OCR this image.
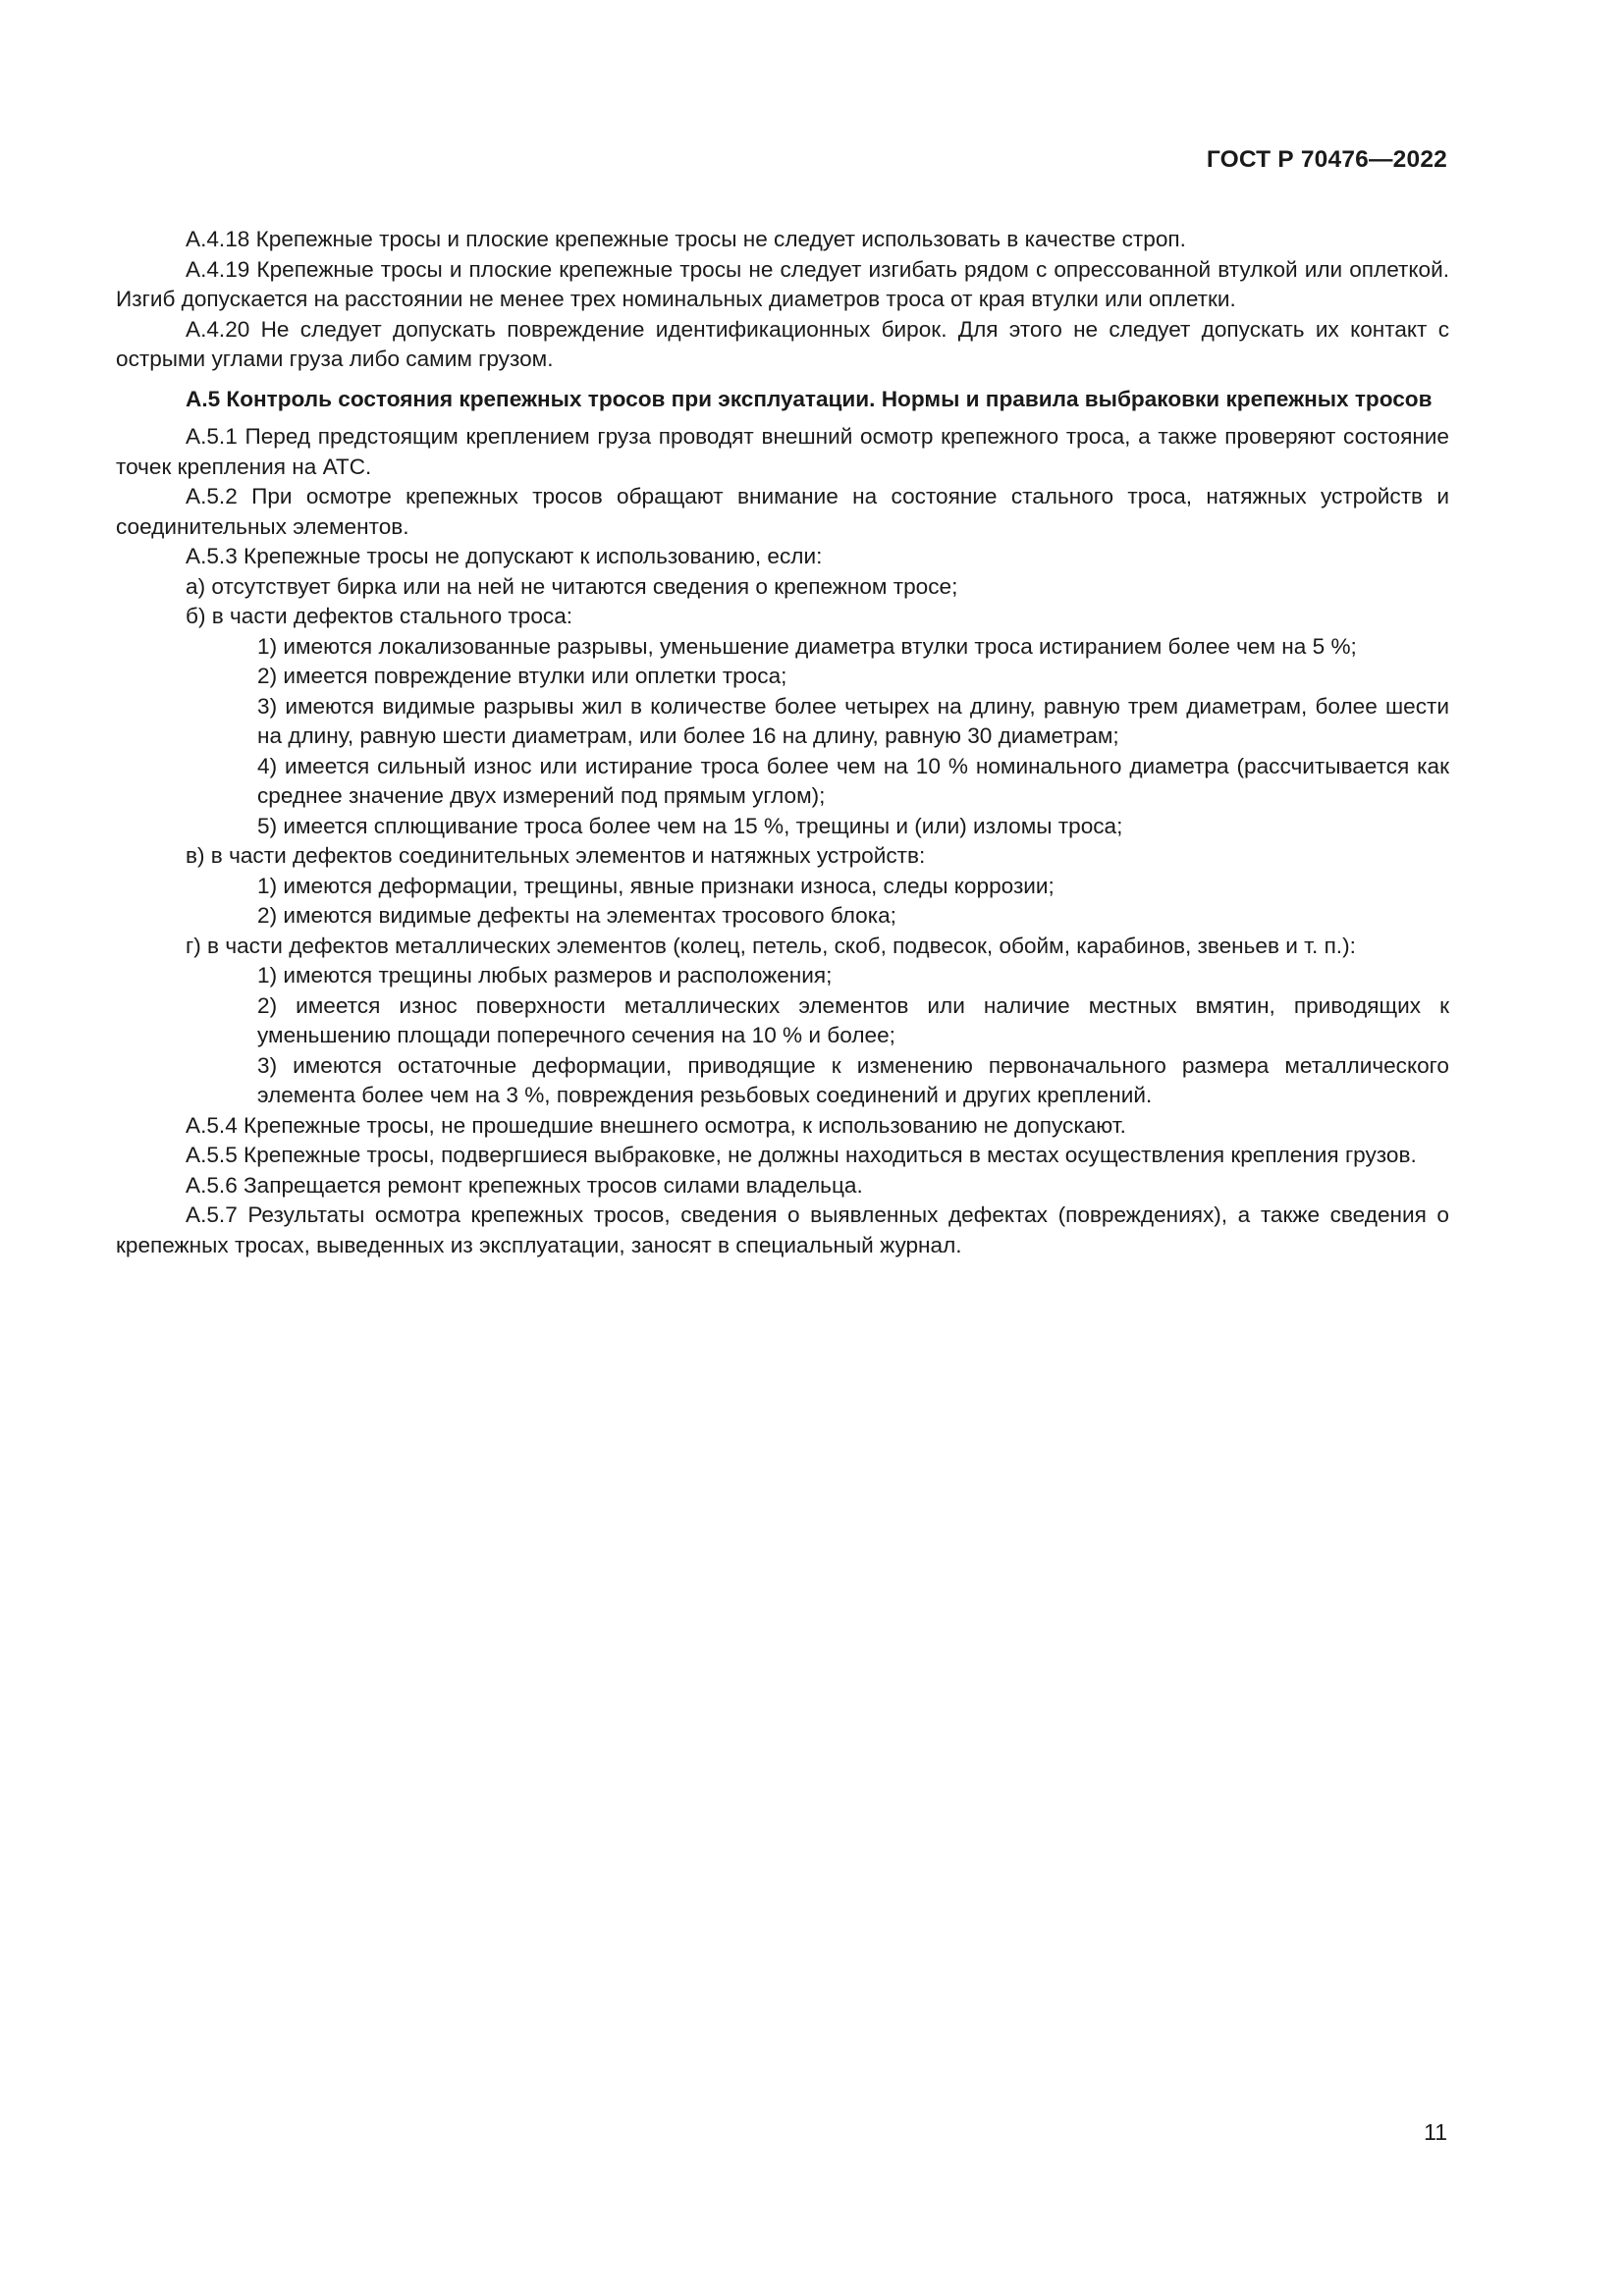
ГОСТ Р 70476—2022

А.4.18 Крепежные тросы и плоские крепежные тросы не следует использовать в качестве строп.

А.4.19 Крепежные тросы и плоские крепежные тросы не следует изгибать рядом с опрессованной втулкой или оплеткой. Изгиб допускается на расстоянии не менее трех номинальных диаметров троса от края втулки или оплетки.

А.4.20 Не следует допускать повреждение идентификационных бирок. Для этого не следует допускать их контакт с острыми углами груза либо самим грузом.

А.5 Контроль состояния крепежных тросов при эксплуатации. Нормы и правила выбраковки крепежных тросов

А.5.1 Перед предстоящим креплением груза проводят внешний осмотр крепежного троса, а также проверяют состояние точек крепления на АТС.

А.5.2 При осмотре крепежных тросов обращают внимание на состояние стального троса, натяжных устройств и соединительных элементов.

А.5.3 Крепежные тросы не допускают к использованию, если:

а) отсутствует бирка или на ней не читаются сведения о крепежном тросе;

б) в части дефектов стального троса:

1) имеются локализованные разрывы, уменьшение диаметра втулки троса истиранием более чем на 5 %;

2) имеется повреждение втулки или оплетки троса;

3) имеются видимые разрывы жил в количестве более четырех на длину, равную трем диаметрам, более шести на длину, равную шести диаметрам, или более 16 на длину, равную 30 диаметрам;

4) имеется сильный износ или истирание троса более чем на 10 % номинального диаметра (рассчитывается как среднее значение двух измерений под прямым углом);

5) имеется сплющивание троса более чем на 15 %, трещины и (или) изломы троса;

в) в части дефектов соединительных элементов и натяжных устройств:

1) имеются деформации, трещины, явные признаки износа, следы коррозии;

2) имеются видимые дефекты на элементах тросового блока;

г) в части дефектов металлических элементов (колец, петель, скоб, подвесок, обойм, карабинов, звеньев и т. п.):

1) имеются трещины любых размеров и расположения;

2) имеется износ поверхности металлических элементов или наличие местных вмятин, приводящих к уменьшению площади поперечного сечения на 10 % и более;

3) имеются остаточные деформации, приводящие к изменению первоначального размера металлического элемента более чем на 3 %, повреждения резьбовых соединений и других креплений.

А.5.4 Крепежные тросы, не прошедшие внешнего осмотра, к использованию не допускают.

А.5.5 Крепежные тросы, подвергшиеся выбраковке, не должны находиться в местах осуществления крепления грузов.

А.5.6 Запрещается ремонт крепежных тросов силами владельца.

А.5.7 Результаты осмотра крепежных тросов, сведения о выявленных дефектах (повреждениях), а также сведения о крепежных тросах, выведенных из эксплуатации, заносят в специальный журнал.

11
